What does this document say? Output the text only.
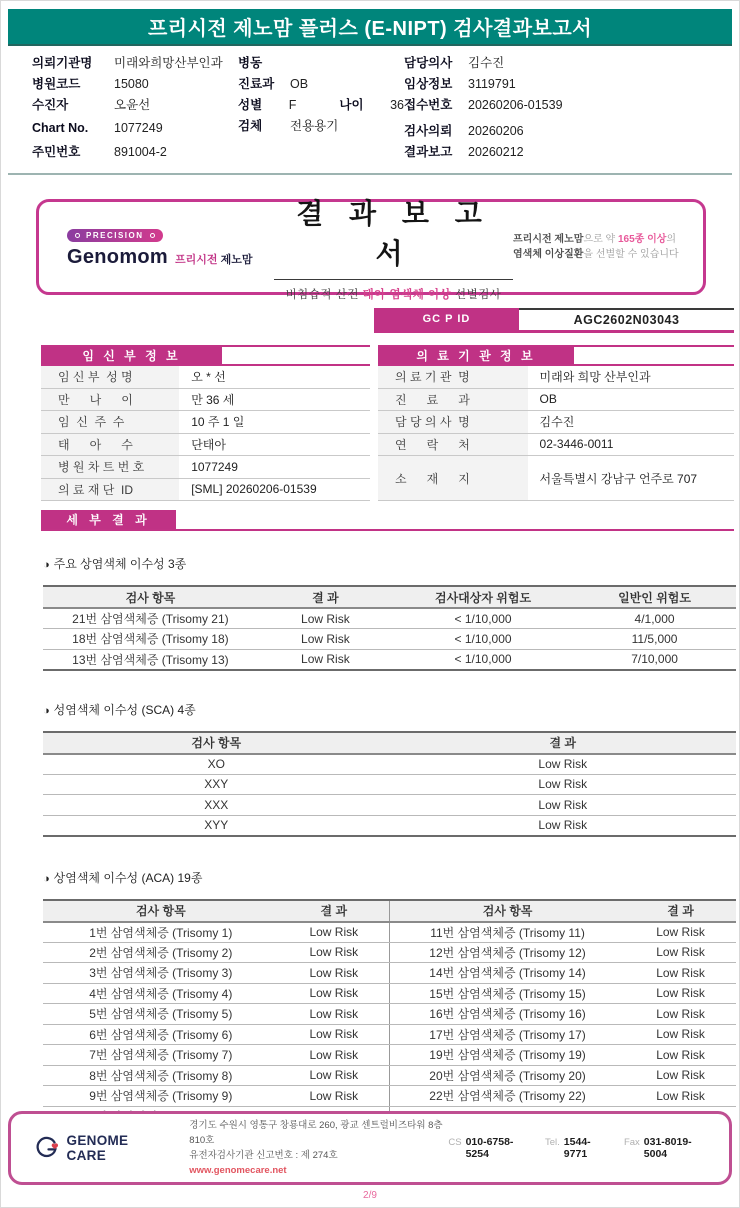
프리시전 제노맘 플러스 (E-NIPT) 검사결과보고서
의뢰기관명	미래와희망산부인과
병원코드	15080
수진자	오윤선
Chart No.	1077249
주민번호	891004-2
병동
진료과	OB
성별	F	나이	36
검체	전용용기
담당의사	김수진
임상정보	3119791
접수번호	20260206-01539
검사의뢰	20260206
결과보고	20260212
PRECISION
Genomom 프리시전 제노맘
결 과 보 고 서
비침습적 산전 태아 염색체 이상 선별검사
프리시전 제노맘으로 약 165종 이상의
염색체 이상질환을 선별할 수 있습니다
GC P ID	AGC2602N03043
임 신 부 정 보
임 신 부  성 명	오 * 선
만      나      이	만 36 세
임  신  주  수	10 주 1 일
태      아      수	단태아
병 원 차 트 번 호	1077249
의 료 재 단  ID	[SML] 20260206-01539
의 료 기 관 정 보
의 료 기 관  명	미래와 희망 산부인과
진      료      과	OB
담 당 의 사  명	김수진
연      락      처	02-3446-0011
소      재      지	서울특별시 강남구 언주로 707
세 부 결 과
◑ 주요 상염색체 이수성 3종
검사 항목	결 과	검사대상자 위험도	일반인 위험도
21번 삼염색체증 (Trisomy 21)	Low Risk	< 1/10,000	4/1,000
18번 삼염색체증 (Trisomy 18)	Low Risk	< 1/10,000	11/5,000
13번 삼염색체증 (Trisomy 13)	Low Risk	< 1/10,000	7/10,000
◑ 성염색체 이수성 (SCA) 4종
검사 항목	결 과
XO	Low Risk
XXY	Low Risk
XXX	Low Risk
XYY	Low Risk
◑ 상염색체 이수성 (ACA) 19종
검사 항목	결 과	검사 항목	결 과
1번 삼염색체증 (Trisomy 1)	Low Risk	11번 삼염색체증 (Trisomy 11)	Low Risk
2번 삼염색체증 (Trisomy 2)	Low Risk	12번 삼염색체증 (Trisomy 12)	Low Risk
3번 삼염색체증 (Trisomy 3)	Low Risk	14번 삼염색체증 (Trisomy 14)	Low Risk
4번 삼염색체증 (Trisomy 4)	Low Risk	15번 삼염색체증 (Trisomy 15)	Low Risk
5번 삼염색체증 (Trisomy 5)	Low Risk	16번 삼염색체증 (Trisomy 16)	Low Risk
6번 삼염색체증 (Trisomy 6)	Low Risk	17번 삼염색체증 (Trisomy 17)	Low Risk
7번 삼염색체증 (Trisomy 7)	Low Risk	19번 삼염색체증 (Trisomy 19)	Low Risk
8번 삼염색체증 (Trisomy 8)	Low Risk	20번 삼염색체증 (Trisomy 20)	Low Risk
9번 삼염색체증 (Trisomy 9)	Low Risk	22번 삼염색체증 (Trisomy 22)	Low Risk

GENOME CARE
경기도 수원시 영통구 창룡대로 260, 광교 센트럴비즈타워 8층 810호
유전자검사기관 신고번호 : 제 274호
www.genomecare.net
CS 010-6758-5254
Tel. 1544-9771
Fax 031-8019-5004
2/9
